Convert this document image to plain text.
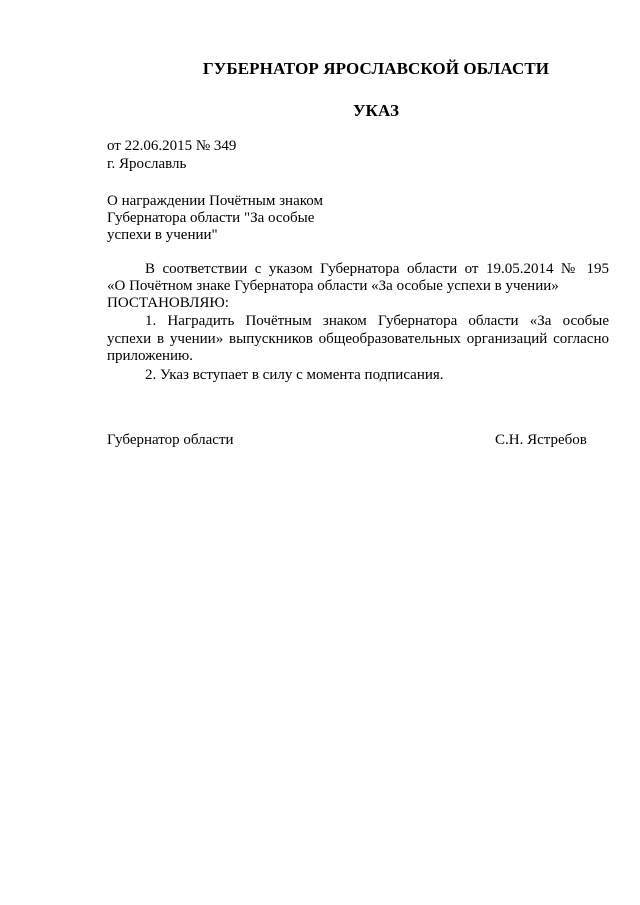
ГУБЕРНАТОР ЯРОСЛАВСКОЙ ОБЛАСТИ
УКАЗ
от 22.06.2015 № 349
г. Ярославль
О награждении Почётным знаком
Губернатора области "За особые
успехи в учении"
В соответствии с указом Губернатора области от 19.05.2014 № 195
«О Почётном знаке Губернатора области «За особые успехи в учении»
ПОСТАНОВЛЯЮ:
1. Наградить Почётным знаком Губернатора области «За особые
успехи в учении» выпускников общеобразовательных организаций согласно
приложению.
2. Указ вступает в силу с момента подписания.
Губернатор области	С.Н. Ястребов
